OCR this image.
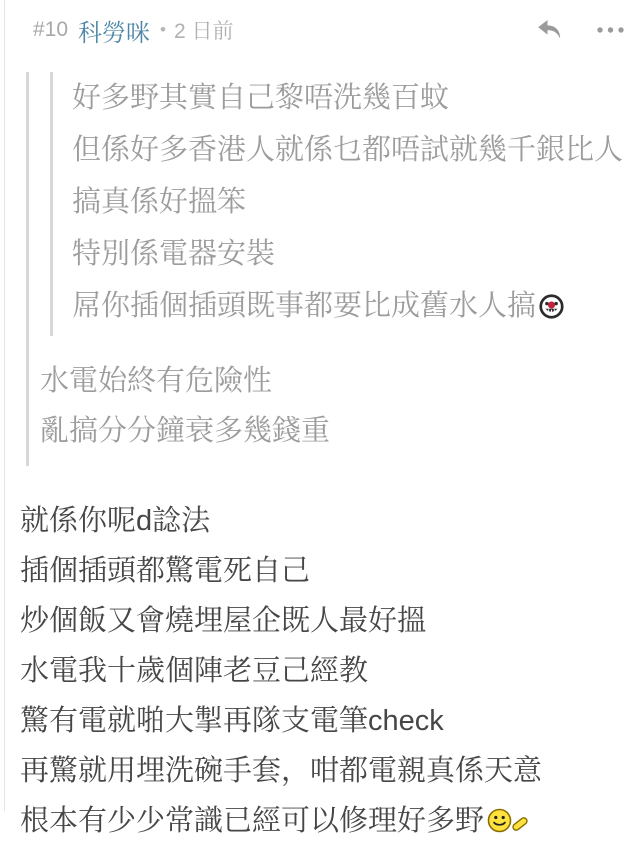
#10 科勞咪 • 2 日前
好多野其實自己黎唔洗幾百蚊
但係好多香港人就係乜都唔試就幾千銀比人
搞真係好搵笨
特別係電器安裝
屌你插個插頭既事都要比成舊水人搞
水電始終有危險性
亂搞分分鐘衰多幾錢重
就係你呢d諗法
插個插頭都驚電死自己
炒個飯又會燒埋屋企既人最好搵
水電我十歲個陣老豆己經教
驚有電就啪大掣再隊支電筆check
再驚就用埋洗碗手套，咁都電親真係天意
根本有少少常識已經可以修理好多野
